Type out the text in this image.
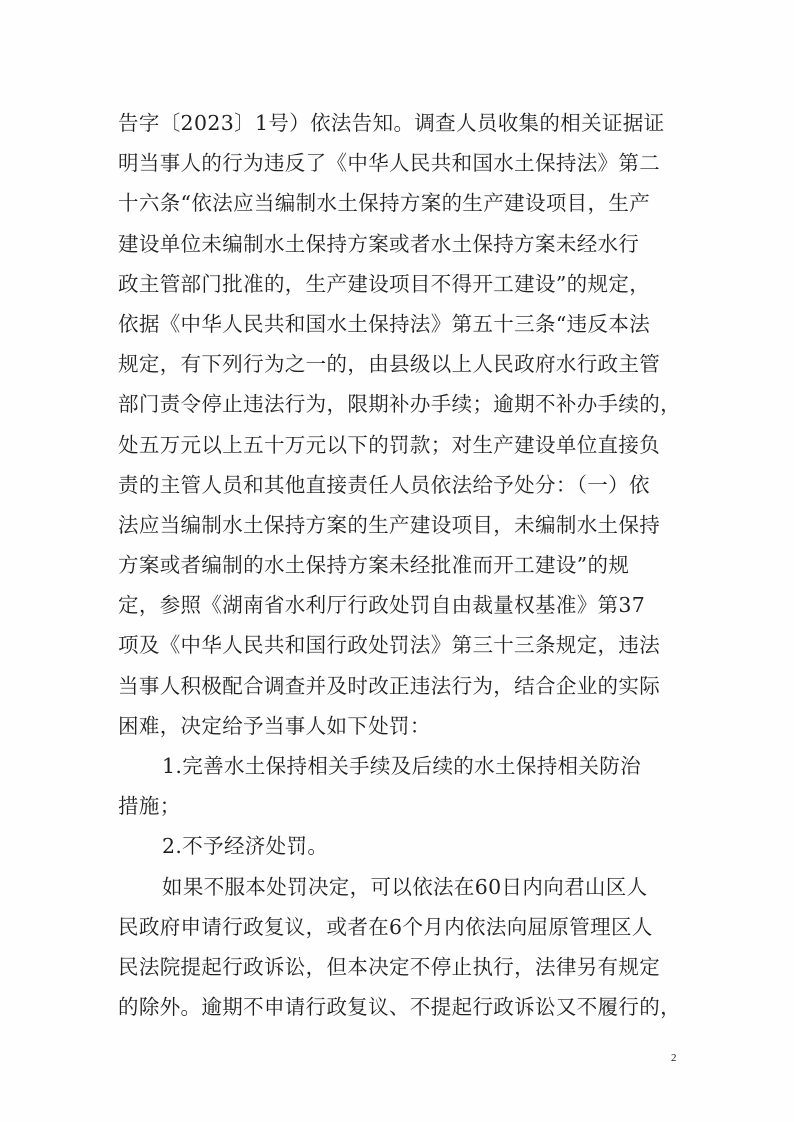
告字〔2023〕1号）依法告知。调查人员收集的相关证据证
明当事人的行为违反了《中华人民共和国水土保持法》第二
十六条“依法应当编制水土保持方案的生产建设项目，生产
建设单位未编制水土保持方案或者水土保持方案未经水行
政主管部门批准的，生产建设项目不得开工建设”的规定，
依据《中华人民共和国水土保持法》第五十三条“违反本法
规定，有下列行为之一的，由县级以上人民政府水行政主管
部门责令停止违法行为，限期补办手续；逾期不补办手续的，
处五万元以上五十万元以下的罚款；对生产建设单位直接负
责的主管人员和其他直接责任人员依法给予处分：（一）依
法应当编制水土保持方案的生产建设项目，未编制水土保持
方案或者编制的水土保持方案未经批准而开工建设”的规
定，参照《湖南省水利厅行政处罚自由裁量权基准》第37
项及《中华人民共和国行政处罚法》第三十三条规定，违法
当事人积极配合调查并及时改正违法行为，结合企业的实际
困难，决定给予当事人如下处罚：
1.完善水土保持相关手续及后续的水土保持相关防治
措施；
2.不予经济处罚。
如果不服本处罚决定，可以依法在60日内向君山区人
民政府申请行政复议，或者在6个月内依法向屈原管理区人
民法院提起行政诉讼，但本决定不停止执行，法律另有规定
的除外。逾期不申请行政复议、不提起行政诉讼又不履行的，
2
